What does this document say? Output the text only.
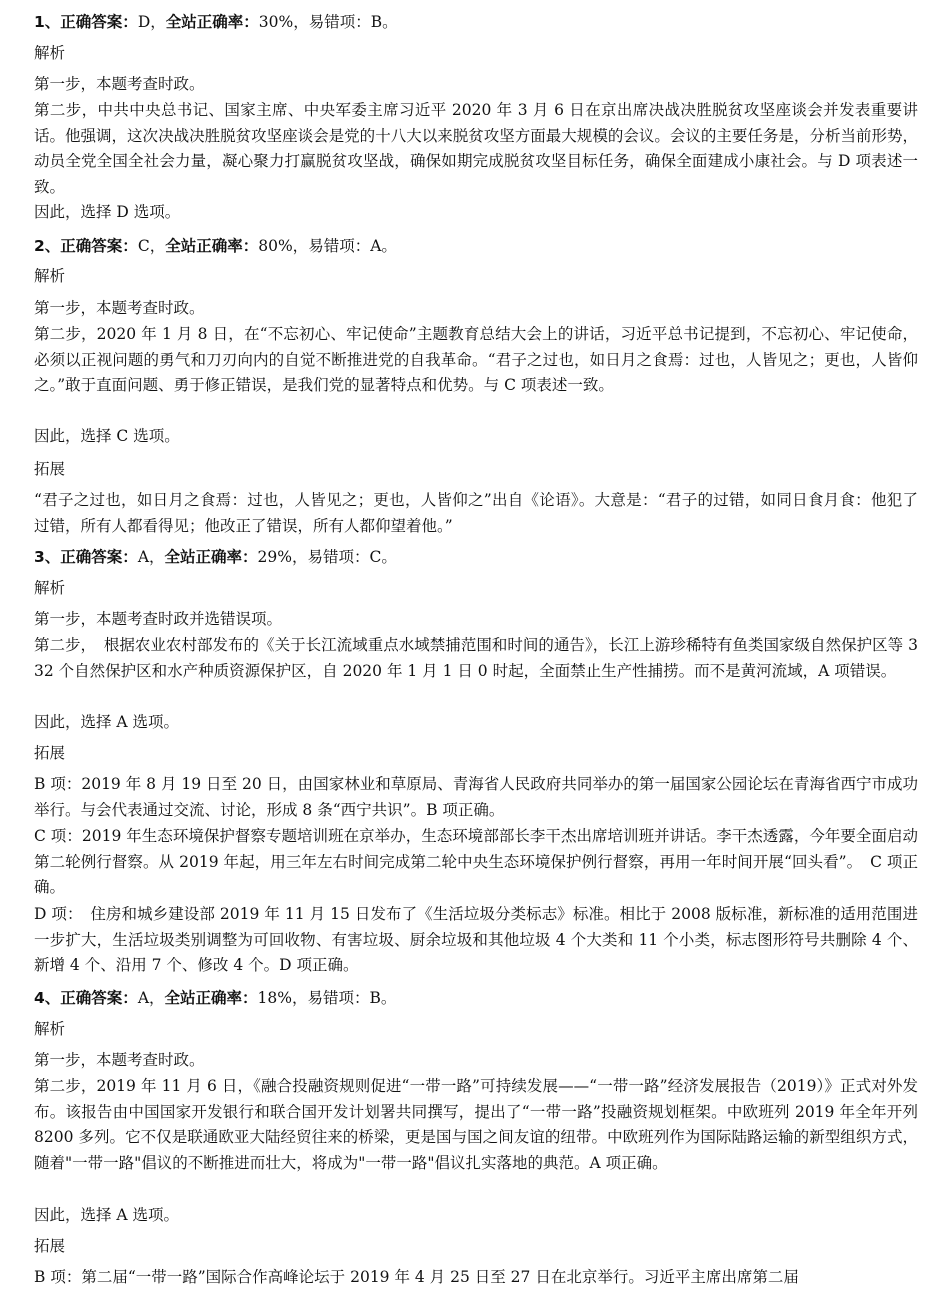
1、正确答案：D，全站正确率：30%，易错项：B。
解析
第一步，本题考查时政。
第二步，中共中央总书记、国家主席、中央军委主席习近平 2020 年 3 月 6 日在京出席决战决胜脱贫攻坚座谈会并发表重要讲话。他强调，这次决战决胜脱贫攻坚座谈会是党的十八大以来脱贫攻坚方面最大规模的会议。会议的主要任务是，分析当前形势，动员全党全国全社会力量，凝心聚力打赢脱贫攻坚战，确保如期完成脱贫攻坚目标任务，确保全面建成小康社会。与 D 项表述一致。
因此，选择 D 选项。
2、正确答案：C，全站正确率：80%，易错项：A。
解析
第一步，本题考查时政。
第二步，2020 年 1 月 8 日，在“不忘初心、牢记使命”主题教育总结大会上的讲话，习近平总书记提到，不忘初心、牢记使命，必须以正视问题的勇气和刀刃向内的自觉不断推进党的自我革命。“君子之过也，如日月之食焉：过也，人皆见之；更也，人皆仰之。”敢于直面问题、勇于修正错误，是我们党的显著特点和优势。与 C 项表述一致。
因此，选择 C 选项。
拓展
“君子之过也，如日月之食焉：过也，人皆见之；更也，人皆仰之”出自《论语》。大意是：“君子的过错，如同日食月食：他犯了过错，所有人都看得见；他改正了错误，所有人都仰望着他。”
3、正确答案：A，全站正确率：29%，易错项：C。
解析
第一步，本题考查时政并选错误项。
第二步，　根据农业农村部发布的《关于长江流域重点水域禁捕范围和时间的通告》，长江上游珍稀特有鱼类国家级自然保护区等 332 个自然保护区和水产种质资源保护区，自 2020 年 1 月 1 日 0 时起，全面禁止生产性捕捞。而不是黄河流域，A 项错误。
因此，选择 A 选项。
拓展
B 项：2019 年 8 月 19 日至 20 日，由国家林业和草原局、青海省人民政府共同举办的第一届国家公园论坛在青海省西宁市成功举行。与会代表通过交流、讨论，形成 8 条“西宁共识”。B 项正确。
C 项：2019 年生态环境保护督察专题培训班在京举办，生态环境部部长李干杰出席培训班并讲话。李干杰透露，今年要全面启动第二轮例行督察。从 2019 年起，用三年左右时间完成第二轮中央生态环境保护例行督察，再用一年时间开展“回头看”。　C 项正确。
D 项：　住房和城乡建设部 2019 年 11 月 15 日发布了《生活垃圾分类标志》标准。相比于 2008 版标准，新标准的适用范围进一步扩大，生活垃圾类别调整为可回收物、有害垃圾、厨余垃圾和其他垃圾 4 个大类和 11 个小类，标志图形符号共删除 4 个、新增 4 个、沿用 7 个、修改 4 个。D 项正确。
4、正确答案：A，全站正确率：18%，易错项：B。
解析
第一步，本题考查时政。
第二步，2019 年 11 月 6 日，《融合投融资规则促进“一带一路”可持续发展——“一带一路”经济发展报告（2019）》正式对外发布。该报告由中国国家开发银行和联合国开发计划署共同撰写，提出了“一带一路”投融资规划框架。中欧班列 2019 年全年开列 8200 多列。它不仅是联通欧亚大陆经贸往来的桥梁，更是国与国之间友谊的纽带。中欧班列作为国际陆路运输的新型组织方式，随着"一带一路"倡议的不断推进而壮大，将成为"一带一路"倡议扎实落地的典范。A 项正确。
因此，选择 A 选项。
拓展
B 项：第二届“一带一路”国际合作高峰论坛于 2019 年 4 月 25 日至 27 日在北京举行。习近平主席出席第二届
